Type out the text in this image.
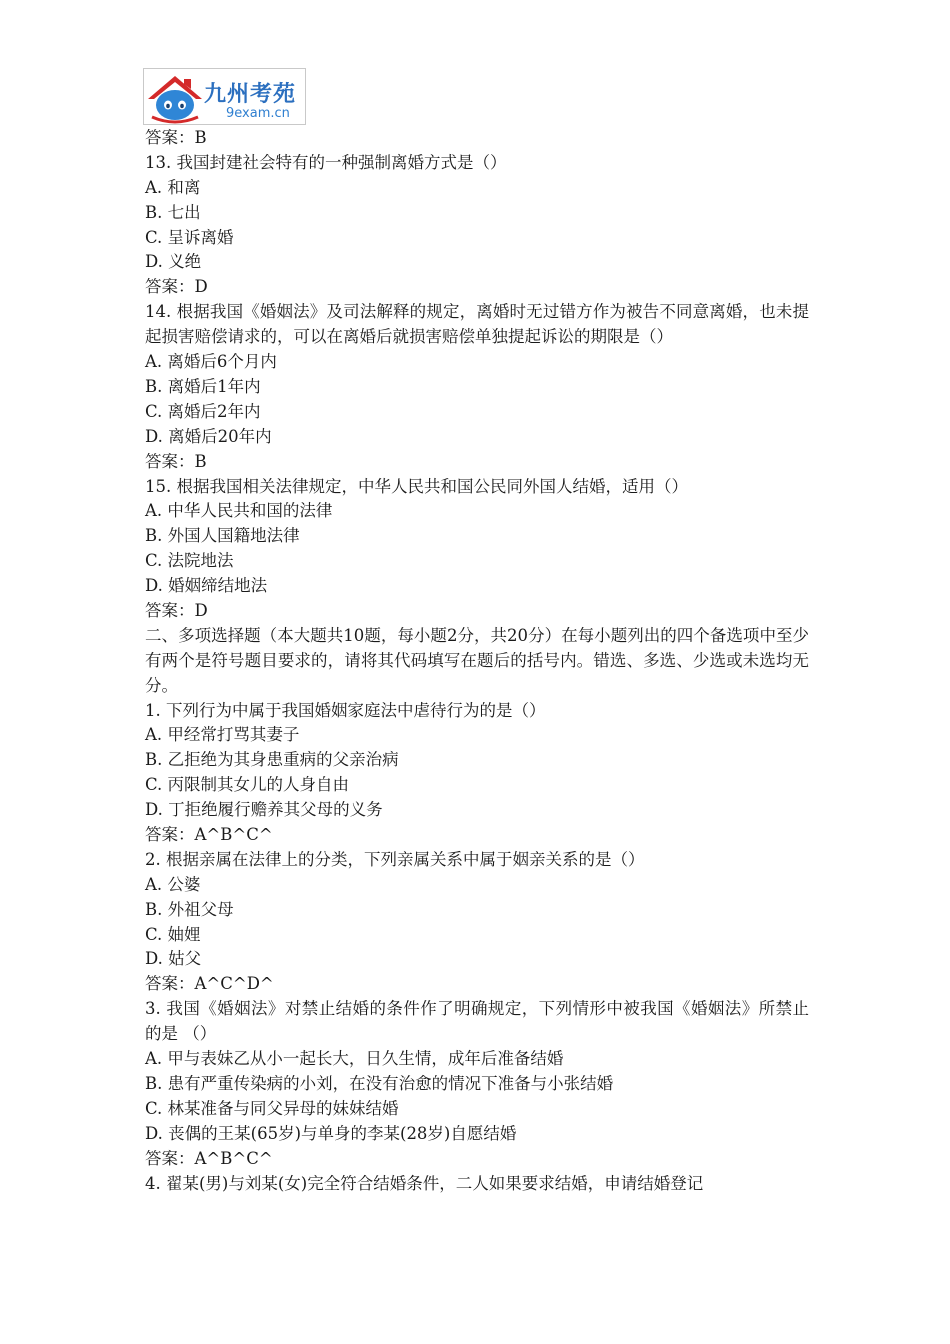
九州考苑
9exam.cn
答案：B
13. 我国封建社会特有的一种强制离婚方式是（）
A. 和离
B. 七出
C. 呈诉离婚
D. 义绝
答案：D
14. 根据我国《婚姻法》及司法解释的规定，离婚时无过错方作为被告不同意离婚，也未提起损害赔偿请求的，可以在离婚后就损害赔偿单独提起诉讼的期限是（）
A. 离婚后6个月内
B. 离婚后1年内
C. 离婚后2年内
D. 离婚后20年内
答案：B
15. 根据我国相关法律规定，中华人民共和国公民同外国人结婚，适用（）
A. 中华人民共和国的法律
B. 外国人国籍地法律
C. 法院地法
D. 婚姻缔结地法
答案：D
二、多项选择题（本大题共10题，每小题2分，共20分）在每小题列出的四个备选项中至少有两个是符号题目要求的，请将其代码填写在题后的括号内。错选、多选、少选或未选均无分。
1. 下列行为中属于我国婚姻家庭法中虐待行为的是（）
A. 甲经常打骂其妻子
B. 乙拒绝为其身患重病的父亲治病
C. 丙限制其女儿的人身自由
D. 丁拒绝履行赡养其父母的义务
答案：A^B^C^
2. 根据亲属在法律上的分类，下列亲属关系中属于姻亲关系的是（）
A. 公婆
B. 外祖父母
C. 妯娌
D. 姑父
答案：A^C^D^
3. 我国《婚姻法》对禁止结婚的条件作了明确规定，下列情形中被我国《婚姻法》所禁止的是 （）
A. 甲与表妹乙从小一起长大，日久生情，成年后准备结婚
B. 患有严重传染病的小刘，在没有治愈的情况下准备与小张结婚
C. 林某准备与同父异母的妹妹结婚
D. 丧偶的王某(65岁)与单身的李某(28岁)自愿结婚
答案：A^B^C^
4. 翟某(男)与刘某(女)完全符合结婚条件，二人如果要求结婚，申请结婚登记
